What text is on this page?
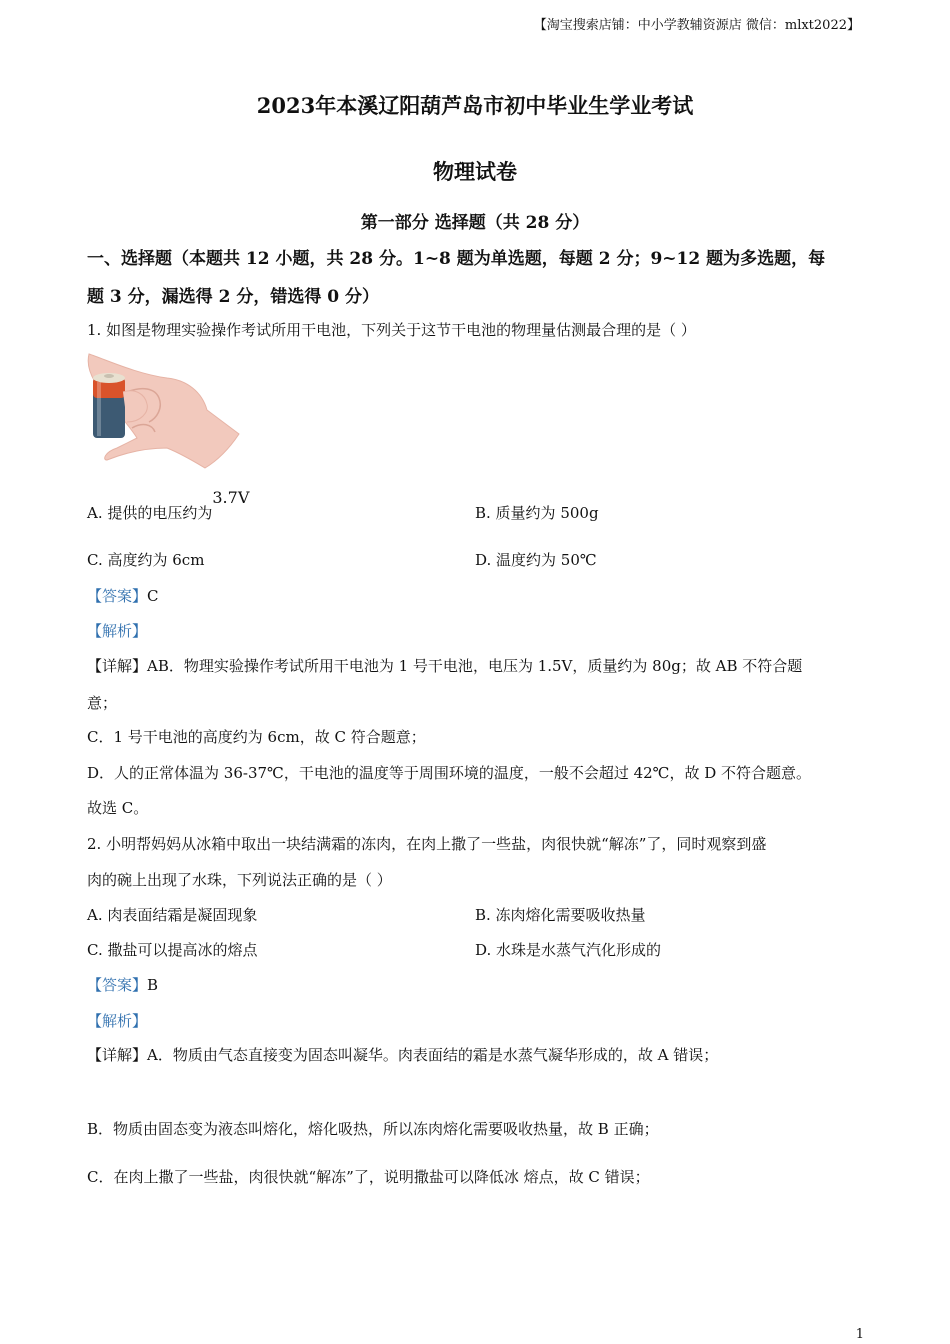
【淘宝搜索店铺：中小学教辅资源店 微信：mlxt2022】
2023年本溪辽阳葫芦岛市初中毕业生学业考试
物理试卷
第一部分 选择题（共 28 分）
一、选择题（本题共 12 小题，共 28 分。1~8 题为单选题，每题 2 分；9~12 题为多选题，每
题 3 分，漏选得 2 分，错选得 0 分）
1. 如图是物理实验操作考试所用干电池，下列关于这节干电池的物理量估测最合理的是（ ）
A. 提供的电压约为3.7V
B. 质量约为 500g
C. 高度约为 6cm	D. 温度约为 50℃
【答案】C
【解析】
【详解】AB．物理实验操作考试所用干电池为 1 号干电池，电压为 1.5V，质量约为 80g；故 AB 不符合题
意；
C．1 号干电池的高度约为 6cm，故 C 符合题意；
D．人的正常体温为 36-37℃，干电池的温度等于周围环境的温度，一般不会超过 42℃，故 D 不符合题意。
故选 C。
2. 小明帮妈妈从冰箱中取出一块结满霜的冻肉，在肉上撒了一些盐，肉很快就“解冻”了，同时观察到盛
肉的碗上出现了水珠，下列说法正确的是（ ）
A. 肉表面结霜是凝固现象	B. 冻肉熔化需要吸收热量
C. 撒盐可以提高冰的熔点	D. 水珠是水蒸气汽化形成的
【答案】B
【解析】
【详解】A．物质由气态直接变为固态叫凝华。肉表面结的霜是水蒸气凝华形成的，故 A 错误；
B．物质由固态变为液态叫熔化，熔化吸热，所以冻肉熔化需要吸收热量，故 B 正确；
C．在肉上撒了一些盐，肉很快就“解冻”了，说明撒盐可以降低冰 熔点，故 C 错误；
1
